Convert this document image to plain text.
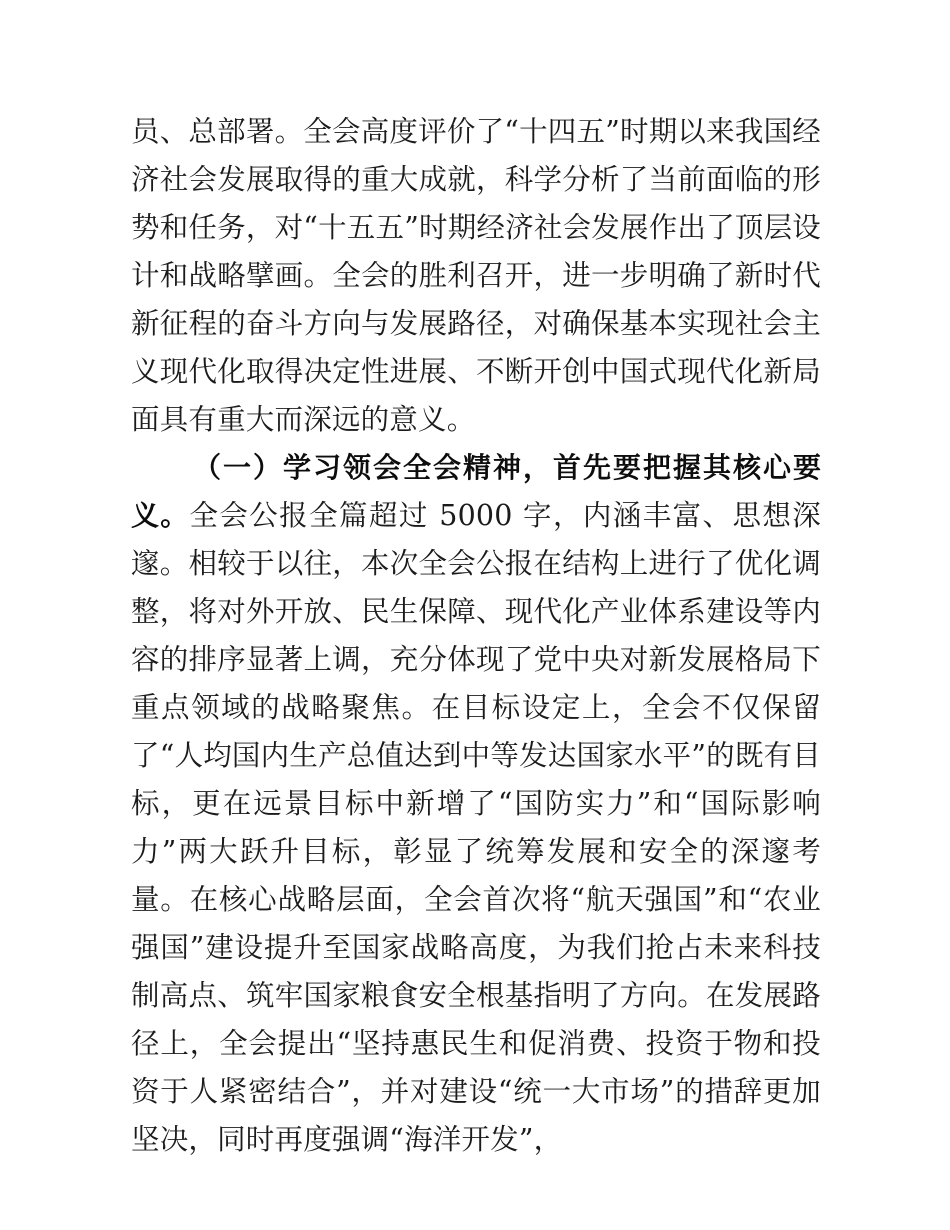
员、总部署。全会高度评价了“十四五”时期以来我国经济社会发展取得的重大成就，科学分析了当前面临的形势和任务，对“十五五”时期经济社会发展作出了顶层设计和战略擘画。全会的胜利召开，进一步明确了新时代新征程的奋斗方向与发展路径，对确保基本实现社会主义现代化取得决定性进展、不断开创中国式现代化新局面具有重大而深远的意义。

（一）学习领会全会精神，首先要把握其核心要义。全会公报全篇超过 5000 字，内涵丰富、思想深邃。相较于以往，本次全会公报在结构上进行了优化调整，将对外开放、民生保障、现代化产业体系建设等内容的排序显著上调，充分体现了党中央对新发展格局下重点领域的战略聚焦。在目标设定上，全会不仅保留了“人均国内生产总值达到中等发达国家水平”的既有目标，更在远景目标中新增了“国防实力”和“国际影响力”两大跃升目标，彰显了统筹发展和安全的深邃考量。在核心战略层面，全会首次将“航天强国”和“农业强国”建设提升至国家战略高度，为我们抢占未来科技制高点、筑牢国家粮食安全根基指明了方向。在发展路径上，全会提出“坚持惠民生和促消费、投资于物和投资于人紧密结合”，并对建设“统一大市场”的措辞更加坚决，同时再度强调“海洋开发”，
